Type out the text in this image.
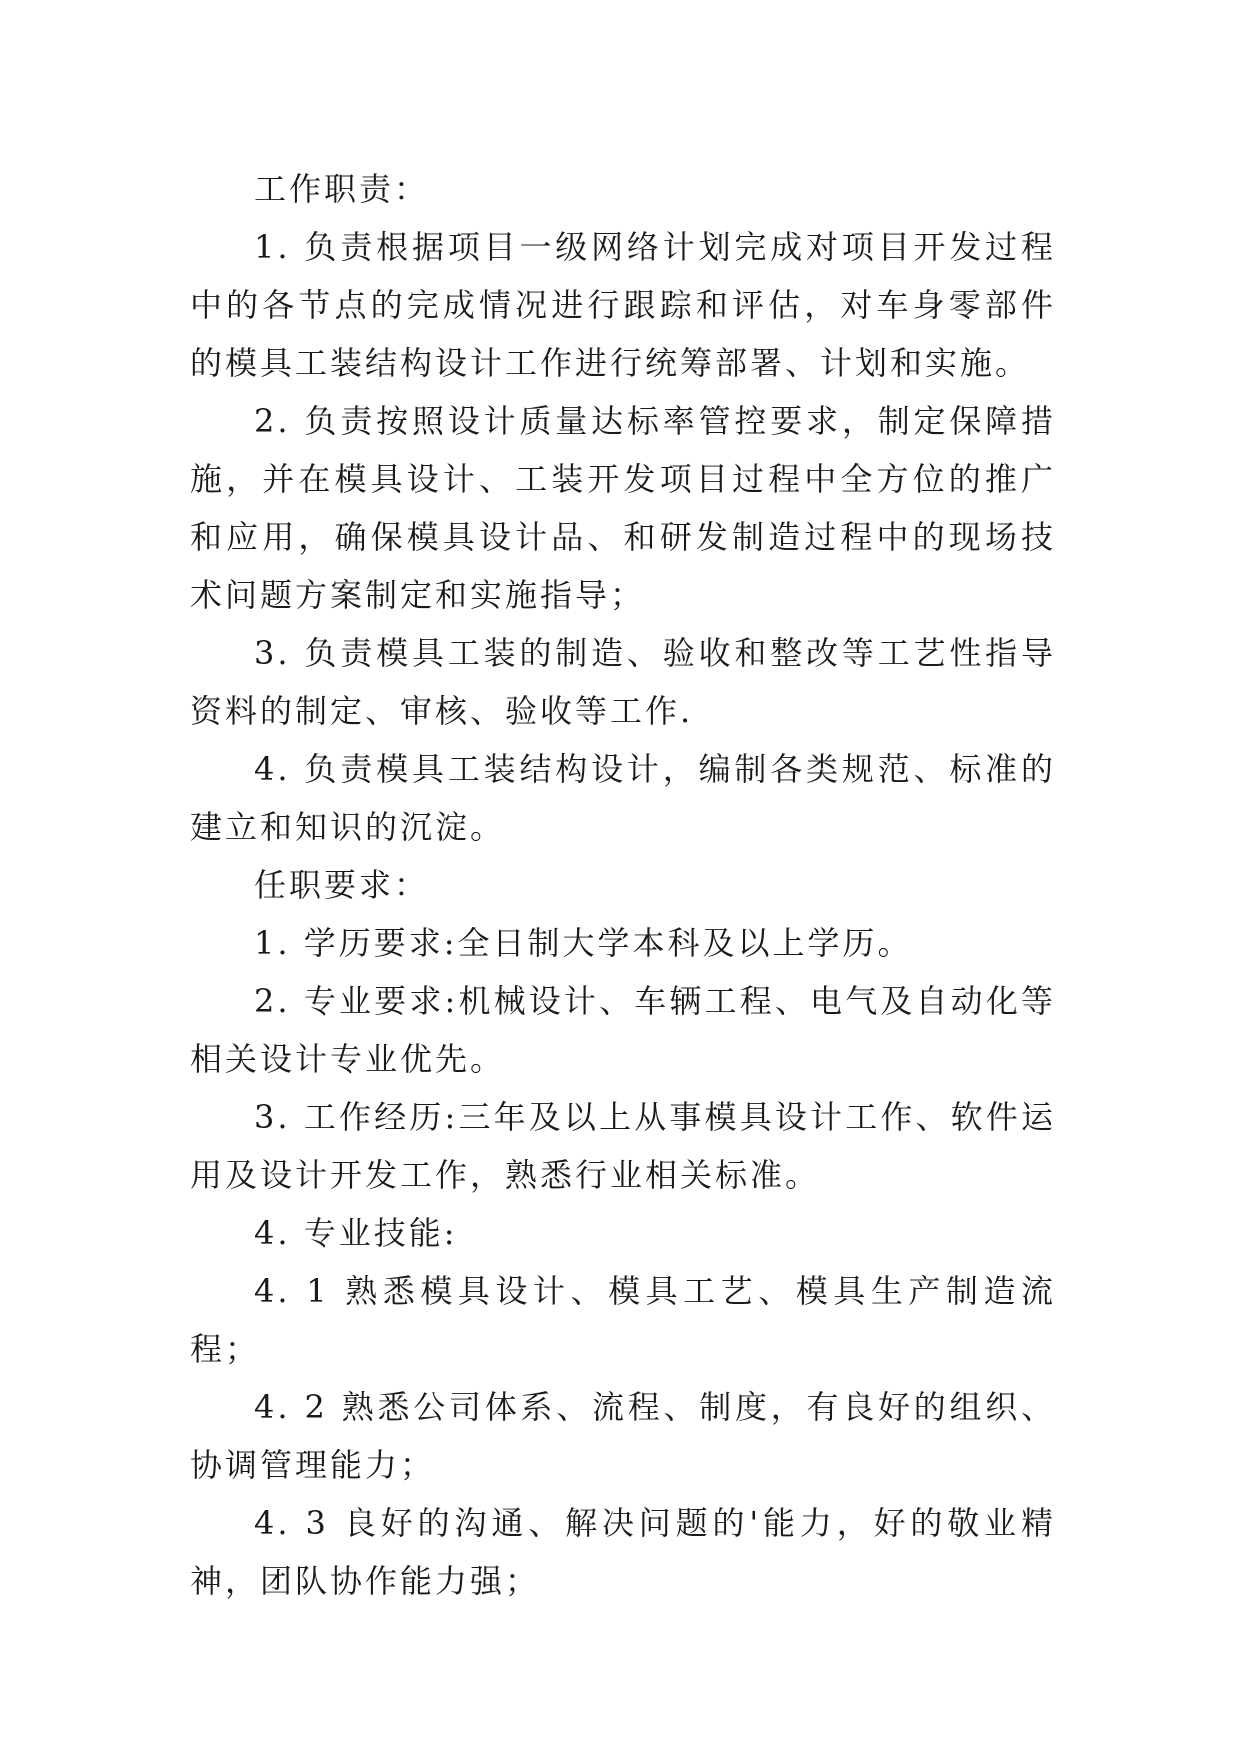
工作职责：

1. 负责根据项目一级网络计划完成对项目开发过程中的各节点的完成情况进行跟踪和评估，对车身零部件的模具工装结构设计工作进行统筹部署、计划和实施。

2. 负责按照设计质量达标率管控要求，制定保障措施，并在模具设计、工装开发项目过程中全方位的推广和应用，确保模具设计品、和研发制造过程中的现场技术问题方案制定和实施指导；

3. 负责模具工装的制造、验收和整改等工艺性指导资料的制定、审核、验收等工作.

4. 负责模具工装结构设计，编制各类规范、标准的建立和知识的沉淀。

任职要求：

1. 学历要求:全日制大学本科及以上学历。

2. 专业要求:机械设计、车辆工程、电气及自动化等相关设计专业优先。

3. 工作经历:三年及以上从事模具设计工作、软件运用及设计开发工作，熟悉行业相关标准。

4. 专业技能:

4. 1 熟悉模具设计、模具工艺、模具生产制造流程；

4. 2 熟悉公司体系、流程、制度，有良好的组织、协调管理能力；

4. 3 良好的沟通、解决问题的'能力，好的敬业精神，团队协作能力强；
